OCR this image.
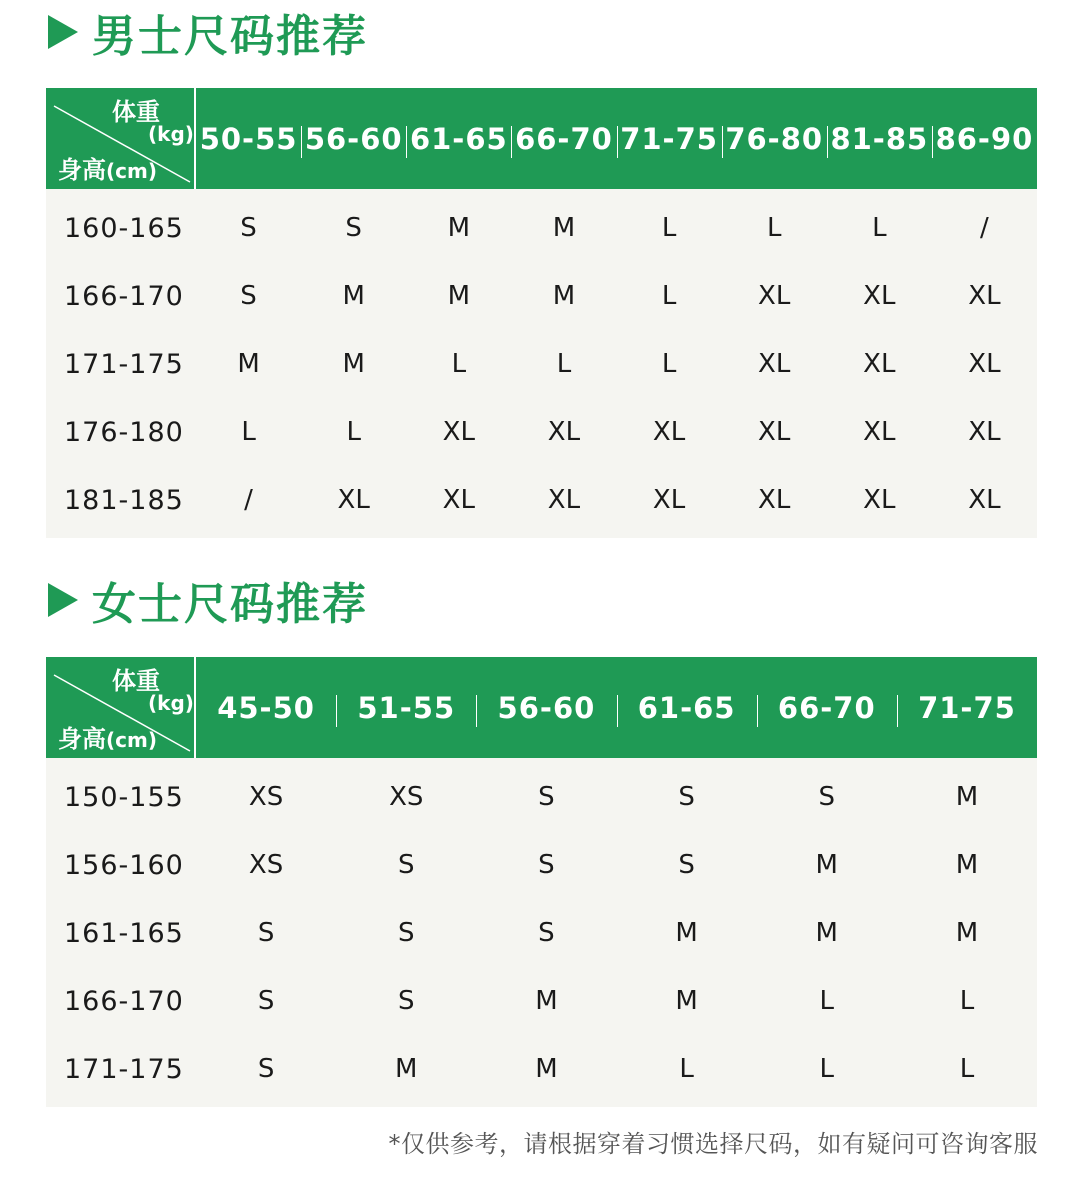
男士尺码推荐
体重
(kg)
身高(cm)
50-55 56-60 61-65 66-70 71-75 76-80 81-85 86-90
160-165	S	S	M	M	L	L	L	/
166-170	S	M	M	M	L	XL	XL	XL
171-175	M	M	L	L	L	XL	XL	XL
176-180	L	L	XL	XL	XL	XL	XL	XL
181-185	/	XL	XL	XL	XL	XL	XL	XL
女士尺码推荐
体重
(kg)
身高(cm)
45-50	51-55	56-60	61-65	66-70	71-75
150-155	XS	XS	S	S	S	M
156-160	XS	S	S	S	M	M
161-165	S	S	S	M	M	M
166-170	S	S	M	M	L	L
171-175	S	M	M	L	L	L
*仅供参考，请根据穿着习惯选择尺码，如有疑问可咨询客服
